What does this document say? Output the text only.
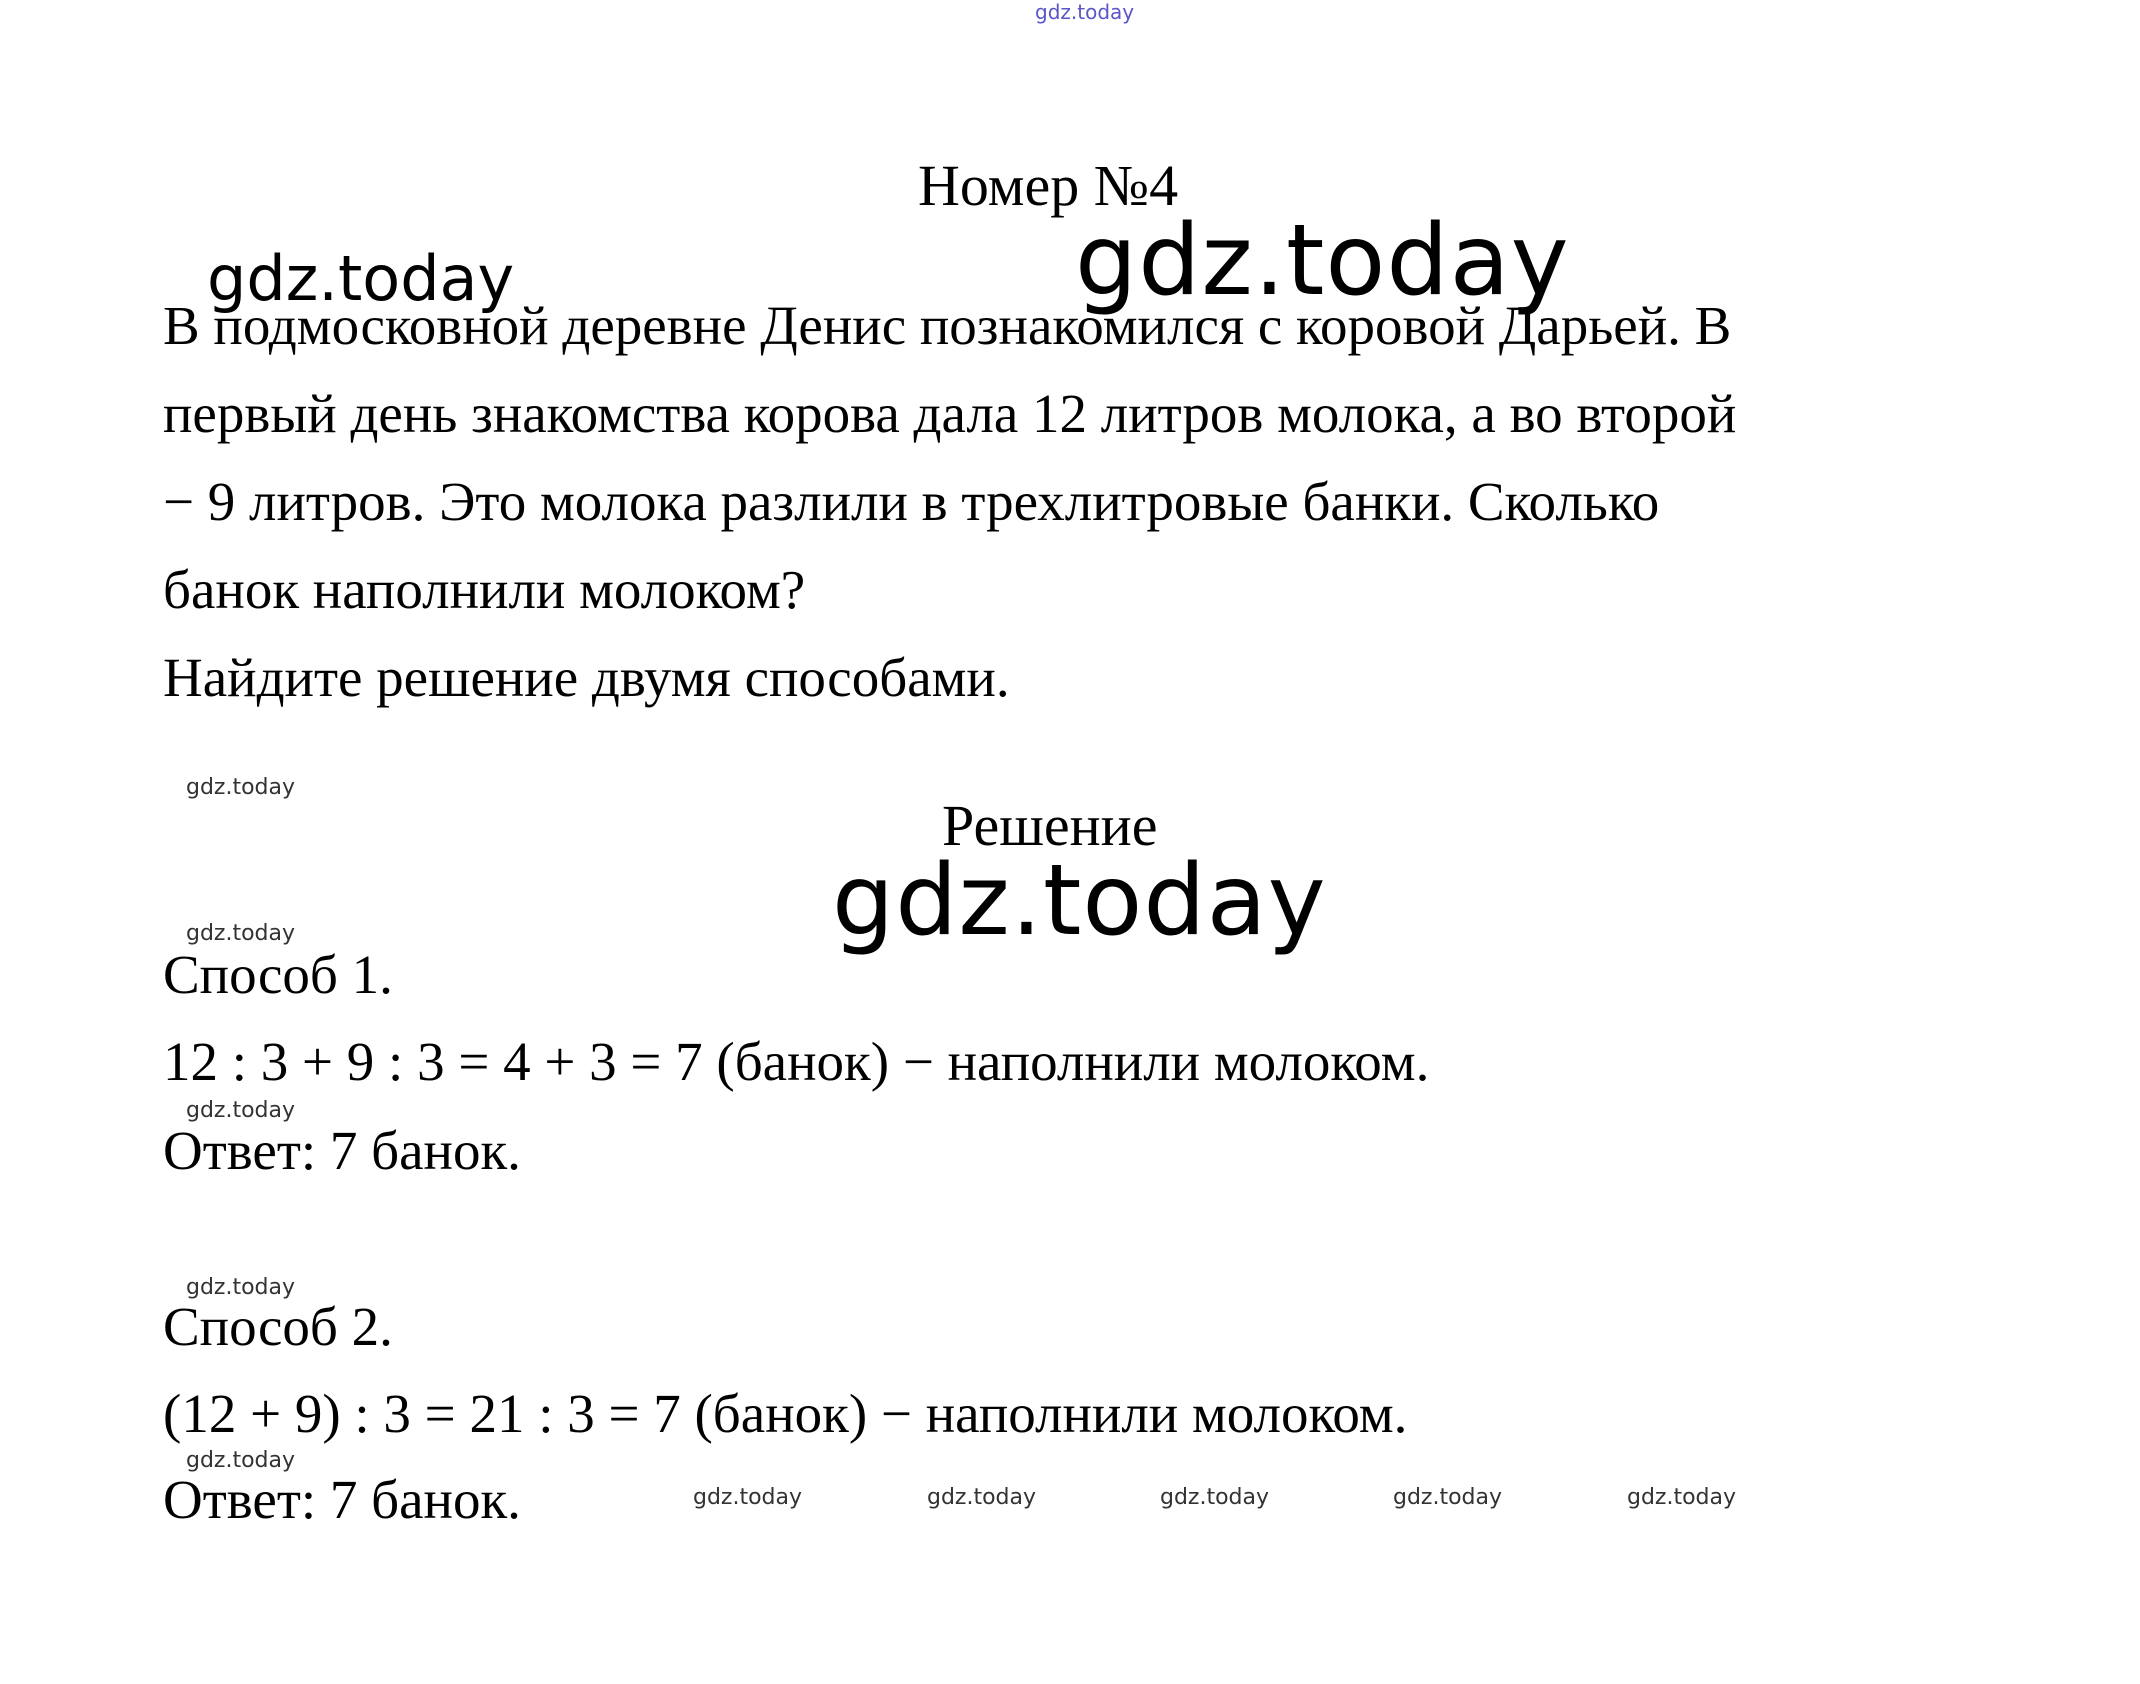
gdz.today
Номер №4
gdz.today
gdz.today
В подмосковной деревне Денис познакомился с коровой Дарьей. В
первый день знакомства корова дала 12 литров молока, а во второй
− 9 литров. Это молока разлили в трехлитровые банки. Сколько
банок наполнили молоком?
Найдите решение двумя способами.
gdz.today
Решение
gdz.today
gdz.today
Способ 1.
12 : 3 + 9 : 3 = 4 + 3 = 7 (банок) − наполнили молоком.
gdz.today
Ответ: 7 банок.
gdz.today
Способ 2.
(12 + 9) : 3 = 21 : 3 = 7 (банок) − наполнили молоком.
gdz.today
Ответ: 7 банок.	gdz.today	gdz.today	gdz.today	gdz.today	gdz.today
